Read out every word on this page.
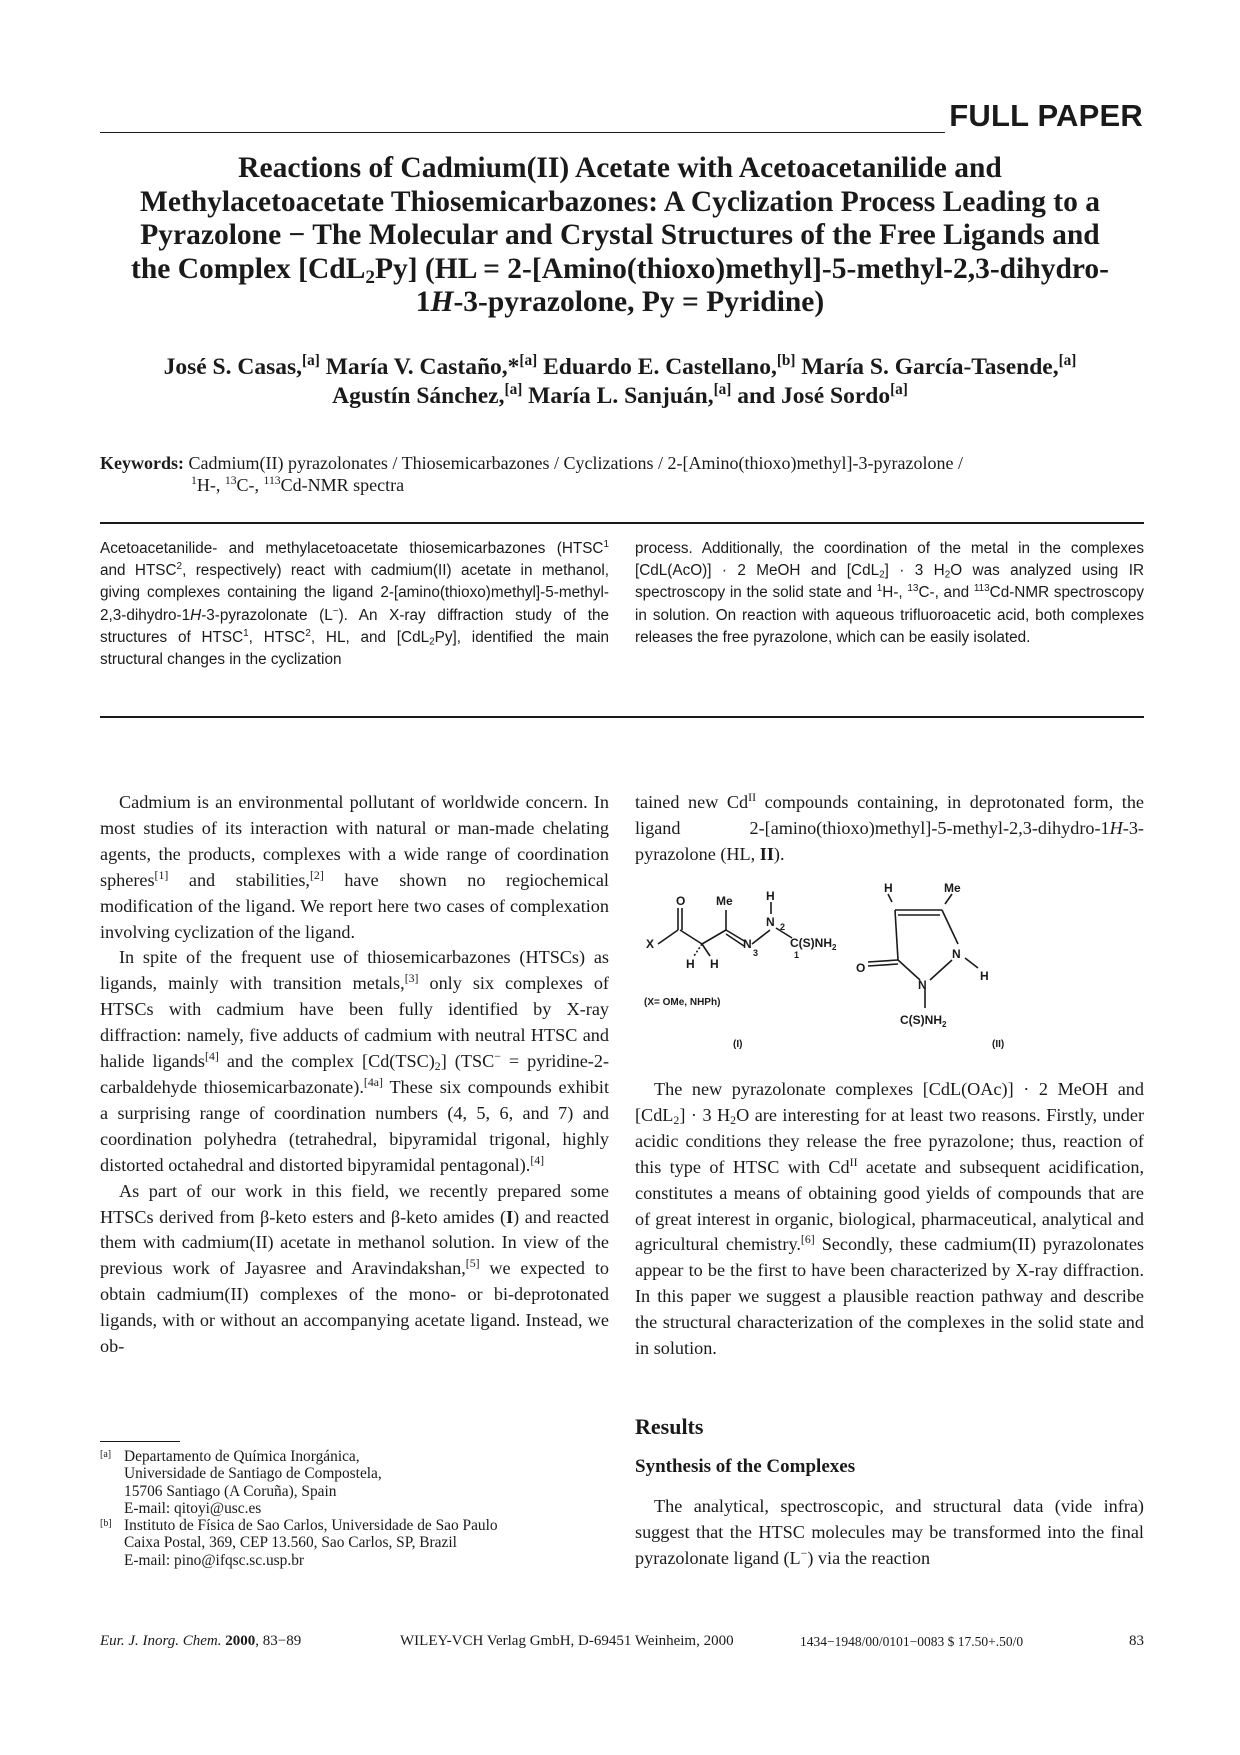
FULL PAPER
Reactions of Cadmium(II) Acetate with Acetoacetanilide and
Methylacetoacetate Thiosemicarbazones: A Cyclization Process Leading to a
Pyrazolone − The Molecular and Crystal Structures of the Free Ligands and
the Complex [CdL$_2$Py] (HL = 2-[Amino(thioxo)methyl]-5-methyl-2,3-dihydro-
1H-3-pyrazolone, Py = Pyridine)
José S. Casas,[a] María V. Castaño,*[a] Eduardo E. Castellano,[b] María S. García-Tasende,[a]
Agustín Sánchez,[a] María L. Sanjuán,[a] and José Sordo[a]
Keywords: Cadmium(II) pyrazolonates / Thiosemicarbazones / Cyclizations / 2-[Amino(thioxo)methyl]-3-pyrazolone /
$^1$H-, $^{13}$C-, $^{113}$Cd-NMR spectra
Acetoacetanilide- and methylacetoacetate thiosemicarbazones (HTSC$^1$ and HTSC$^2$, respectively) react with cadmium(II) acetate in methanol, giving complexes containing the ligand 2-[amino(thioxo)methyl]-5-methyl-2,3-dihydro-1H-3-pyrazolonate (L−). An X-ray diffraction study of the structures of HTSC$^1$, HTSC$^2$, HL, and [CdL$_2$Py], identified the main structural changes in the cyclization
process. Additionally, the coordination of the metal in the complexes [CdL(AcO)] · 2 MeOH and [CdL$_2$] · 3 $H_2O$ was analyzed using IR spectroscopy in the solid state and $^1$H-, $^{13}$C-, and $^{113}$Cd-NMR spectroscopy in solution. On reaction with aqueous trifluoroacetic acid, both complexes releases the free pyrazolone, which can be easily isolated.

Cadmium is an environmental pollutant of worldwide concern. In most studies of its interaction with natural or man-made chelating agents, the products, complexes with a wide range of coordination spheres[1] and stabilities,[2] have shown no regiochemical modification of the ligand. We report here two cases of complexation involving cyclization of the ligand.

In spite of the frequent use of thiosemicarbazones (HTSCs) as ligands, mainly with transition metals,[3] only six complexes of HTSCs with cadmium have been fully identified by X-ray diffraction: namely, five adducts of cadmium with neutral HTSC and halide ligands[4] and the complex $[Cd(TSC)_2] (TSC^-$ = pyridine-2-carbaldehyde thiosemicarbazonate).[4a] These six compounds exhibit a surprising range of coordination numbers (4, 5, 6, and 7) and coordination polyhedra (tetrahedral, bipyramidal trigonal, highly distorted octahedral and distorted bipyramidal pentagonal).[4]

As part of our work in this field, we recently prepared some HTSCs derived from β-keto esters and β-keto amides (I) and reacted them with cadmium(II) acetate in methanol solution. In view of the previous work of Jayasree and Aravindakshan,[5] we expected to obtain cadmium(II) complexes of the mono- or bi-deprotonated ligands, with or without an accompanying acetate ligand. Instead, we ob-

tained new $Cd^{II}$ compounds containing, in deprotonated form, the ligand 2-[amino(thioxo)methyl]-5-methyl-2,3-dihydro-1H-3-pyrazolone (HL, II).

O
X
Me
H H
N
3
H
N 2
$C(S)NH_2$
1
(X= OMe, NHPh)
(I)
H	Me
N
N
O
H
$C(S)NH_2$
(II)

The new pyrazolonate complexes [CdL(OAc)] · 2 MeOH and [CdL$_2$] · 3 $H_2O$ are interesting for at least two reasons. Firstly, under acidic conditions they release the free pyrazolone; thus, reaction of this type of HTSC with $Cd^{II}$ acetate and subsequent acidification, constitutes a means of obtaining good yields of compounds that are of great interest in organic, biological, pharmaceutical, analytical and agricultural chemistry.[6] Secondly, these cadmium(II) pyrazolonates appear to be the first to have been characterized by X-ray diffraction. In this paper we suggest a plausible reaction pathway and describe the structural characterization of the complexes in the solid state and in solution.

Results
Synthesis of the Complexes

The analytical, spectroscopic, and structural data (vide infra) suggest that the HTSC molecules may be transformed into the final pyrazolonate ligand (L−) via the reaction

[a] Departamento de Química Inorgánica,
Universidade de Santiago de Compostela,
15706 Santiago (A Coruña), Spain
E-mail: qitoyi@usc.es
[b] Instituto de Física de Sao Carlos, Universidade de Sao Paulo
Caixa Postal, 369, CEP 13.560, Sao Carlos, SP, Brazil
E-mail: pino@ifqsc.sc.usp.br
Eur. J. Inorg. Chem. 2000, 83−89	WILEY-VCH Verlag GmbH, D-69451 Weinheim, 2000	1434−1948/00/0101−0083 $ 17.50+.50/0	83
